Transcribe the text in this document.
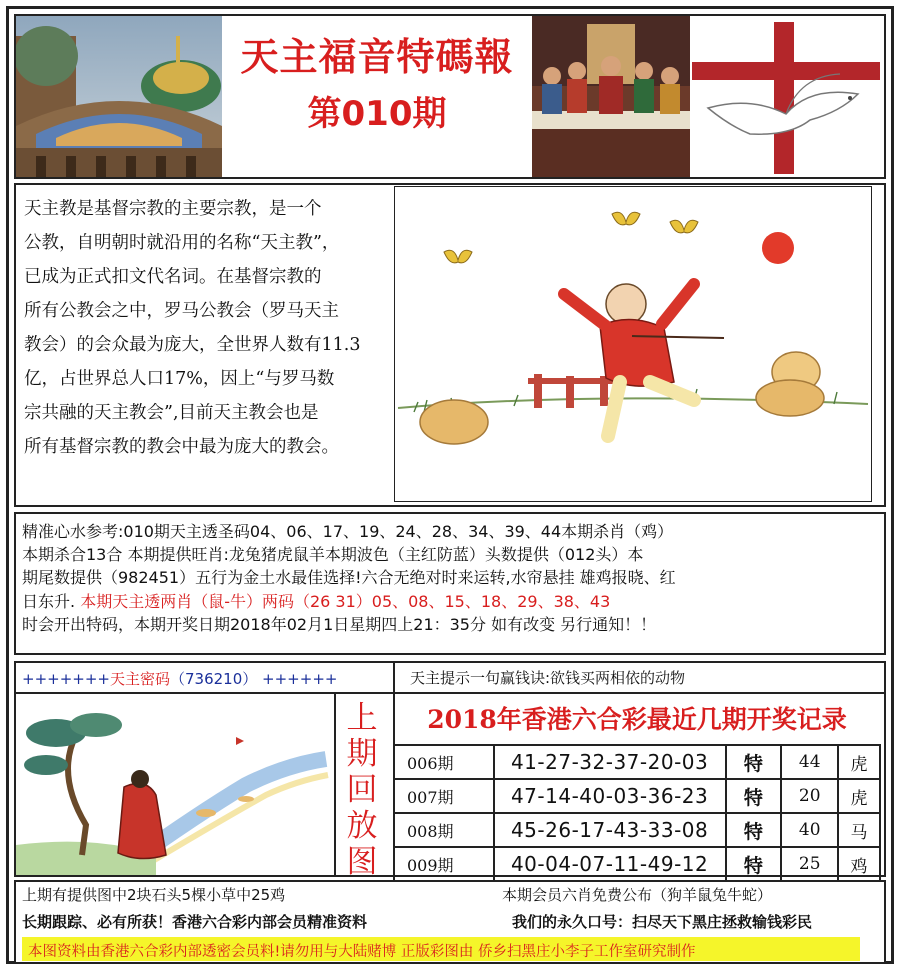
天主福音特碼報
第010期
天主教是基督宗教的主要宗教，是一个
公教，自明朝时就沿用的名称“天主教”，
已成为正式扣文代名词。在基督宗教的
所有公教会之中，罗马公教会（罗马天主
教会）的会众最为庞大，全世界人数有11.3
亿，占世界总人口17%，因上“与罗马数
宗共融的天主教会”,目前天主教会也是
所有基督宗教的教会中最为庞大的教会。
精准心水参考:010期天主透圣码04、06、17、19、24、28、34、39、44本期杀肖（鸡）
本期杀合13合 本期提供旺肖:龙兔猪虎鼠羊本期波色（主红防蓝）头数提供（012头）本
期尾数提供（982451）五行为金土水最佳选择!六合无绝对时来运转,水帘悬挂 雄鸡报晓、红
日东升. 本期天主透两肖（鼠-牛）两码（26 31）05、08、15、18、29、38、43
时会开出特码，本期开奖日期2018年02月1日星期四上21：35分 如有改变 另行通知！！
+++++++天主密码（736210） ++++++	天主提示一句赢钱诀:欲钱买两相依的动物
上
期
回
放
图
2018年香港六合彩最近几期开奖记录
006期	41-27-32-37-20-03	特	44	虎
007期	47-14-40-03-36-23	特	20	虎
008期	45-26-17-43-33-08	特	40	马
009期	40-04-07-11-49-12	特	25	鸡
上期有提供图中2块石头5棵小草中25鸡	本期会员六肖免费公布（狗羊鼠兔牛蛇）
长期跟踪、必有所获！香港六合彩内部会员精准资料	我们的永久口号：扫尽天下黑庄拯救输钱彩民
本图资料由香港六合彩内部透密会员料!请勿用与大陆赌博 正版彩图由 侨乡扫黑庄小李子工作室研究制作
